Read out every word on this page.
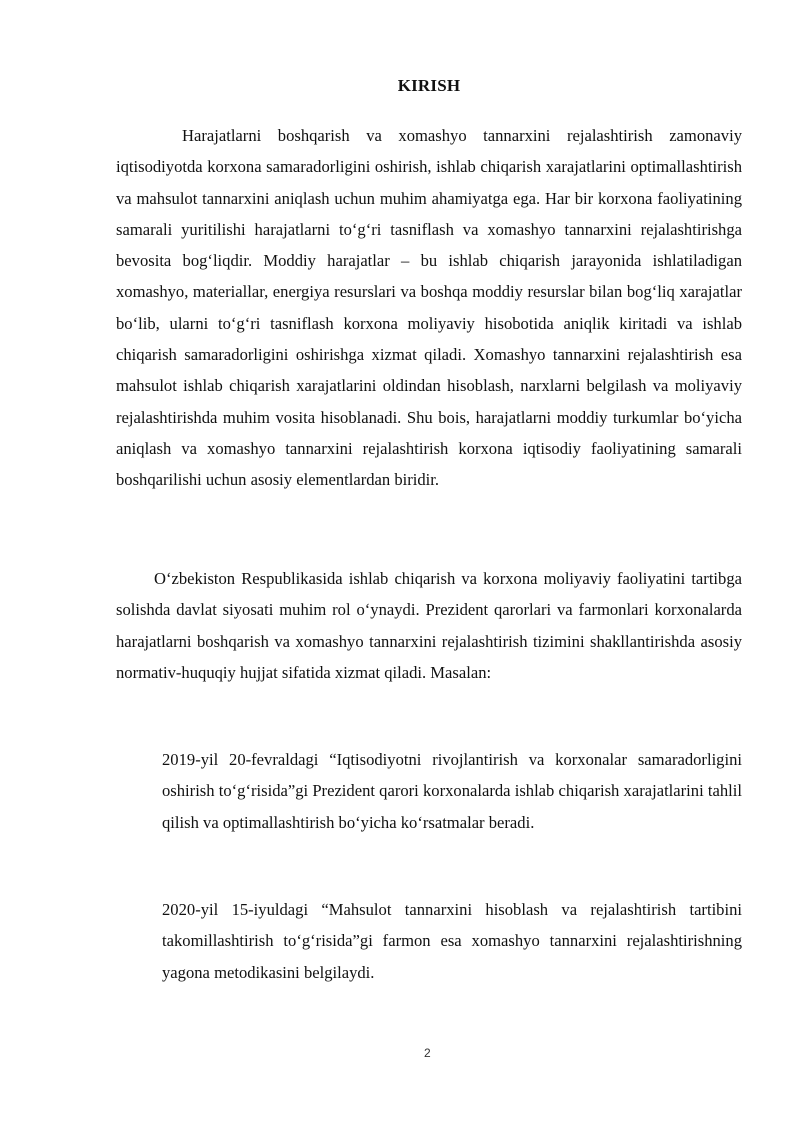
KIRISH

Harajatlarni boshqarish va xomashyo tannarxini rejalashtirish zamonaviy iqtisodiyotda korxona samaradorligini oshirish, ishlab chiqarish xarajatlarini optimallashtirish va mahsulot tannarxini aniqlash uchun muhim ahamiyatga ega. Har bir korxona faoliyatining samarali yuritilishi harajatlarni to‘g‘ri tasniflash va xomashyo tannarxini rejalashtirishga bevosita bog‘liqdir. Moddiy harajatlar – bu ishlab chiqarish jarayonida ishlatiladigan xomashyo, materiallar, energiya resurslari va boshqa moddiy resurslar bilan bog‘liq xarajatlar bo‘lib, ularni to‘g‘ri tasniflash korxona moliyaviy hisobotida aniqlik kiritadi va ishlab chiqarish samaradorligini oshirishga xizmat qiladi. Xomashyo tannarxini rejalashtirish esa mahsulot ishlab chiqarish xarajatlarini oldindan hisoblash, narxlarni belgilash va moliyaviy rejalashtirishda muhim vosita hisoblanadi. Shu bois, harajatlarni moddiy turkumlar bo‘yicha aniqlash va xomashyo tannarxini rejalashtirish korxona iqtisodiy faoliyatining samarali boshqarilishi uchun asosiy elementlardan biridir.

O‘zbekiston Respublikasida ishlab chiqarish va korxona moliyaviy faoliyatini tartibga solishda davlat siyosati muhim rol o‘ynaydi. Prezident qarorlari va farmonlari korxonalarda harajatlarni boshqarish va xomashyo tannarxini rejalashtirish tizimini shakllantirishda asosiy normativ-huquqiy hujjat sifatida xizmat qiladi. Masalan:

2019-yil 20-fevraldagi “Iqtisodiyotni rivojlantirish va korxonalar samaradorligini oshirish to‘g‘risida”gi Prezident qarori korxonalarda ishlab chiqarish xarajatlarini tahlil qilish va optimallashtirish bo‘yicha ko‘rsatmalar beradi.

2020-yil 15-iyuldagi “Mahsulot tannarxini hisoblash va rejalashtirish tartibini takomillashtirish to‘g‘risida”gi farmon esa xomashyo tannarxini rejalashtirishning yagona metodikasini belgilaydi.

2
